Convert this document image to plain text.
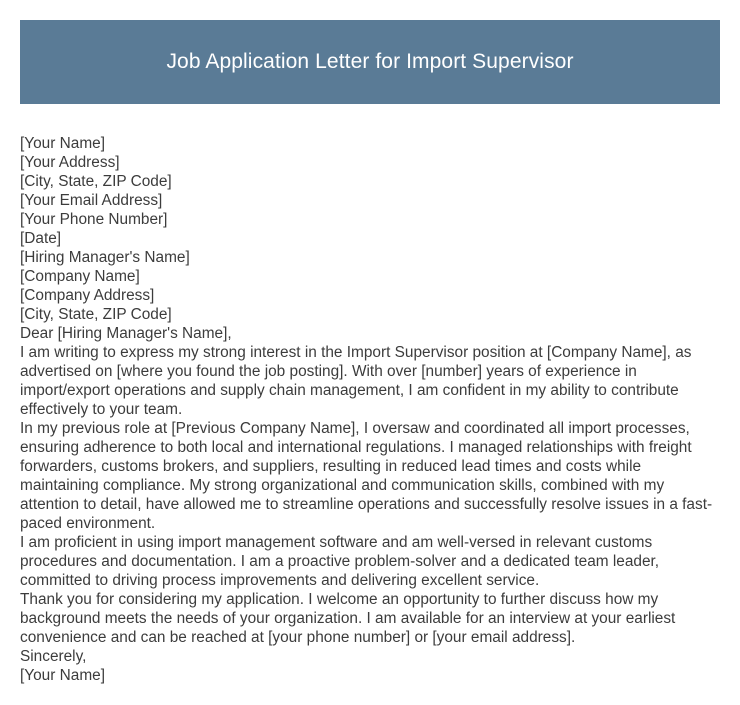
Job Application Letter for Import Supervisor
[Your Name]
[Your Address]
[City, State, ZIP Code]
[Your Email Address]
[Your Phone Number]
[Date]
[Hiring Manager's Name]
[Company Name]
[Company Address]
[City, State, ZIP Code]
Dear [Hiring Manager's Name],
I am writing to express my strong interest in the Import Supervisor position at [Company Name], as advertised on [where you found the job posting]. With over [number] years of experience in import/export operations and supply chain management, I am confident in my ability to contribute effectively to your team.
In my previous role at [Previous Company Name], I oversaw and coordinated all import processes, ensuring adherence to both local and international regulations. I managed relationships with freight forwarders, customs brokers, and suppliers, resulting in reduced lead times and costs while maintaining compliance. My strong organizational and communication skills, combined with my attention to detail, have allowed me to streamline operations and successfully resolve issues in a fast-paced environment.
I am proficient in using import management software and am well-versed in relevant customs procedures and documentation. I am a proactive problem-solver and a dedicated team leader, committed to driving process improvements and delivering excellent service.
Thank you for considering my application. I welcome an opportunity to further discuss how my background meets the needs of your organization. I am available for an interview at your earliest convenience and can be reached at [your phone number] or [your email address].
Sincerely,
[Your Name]
